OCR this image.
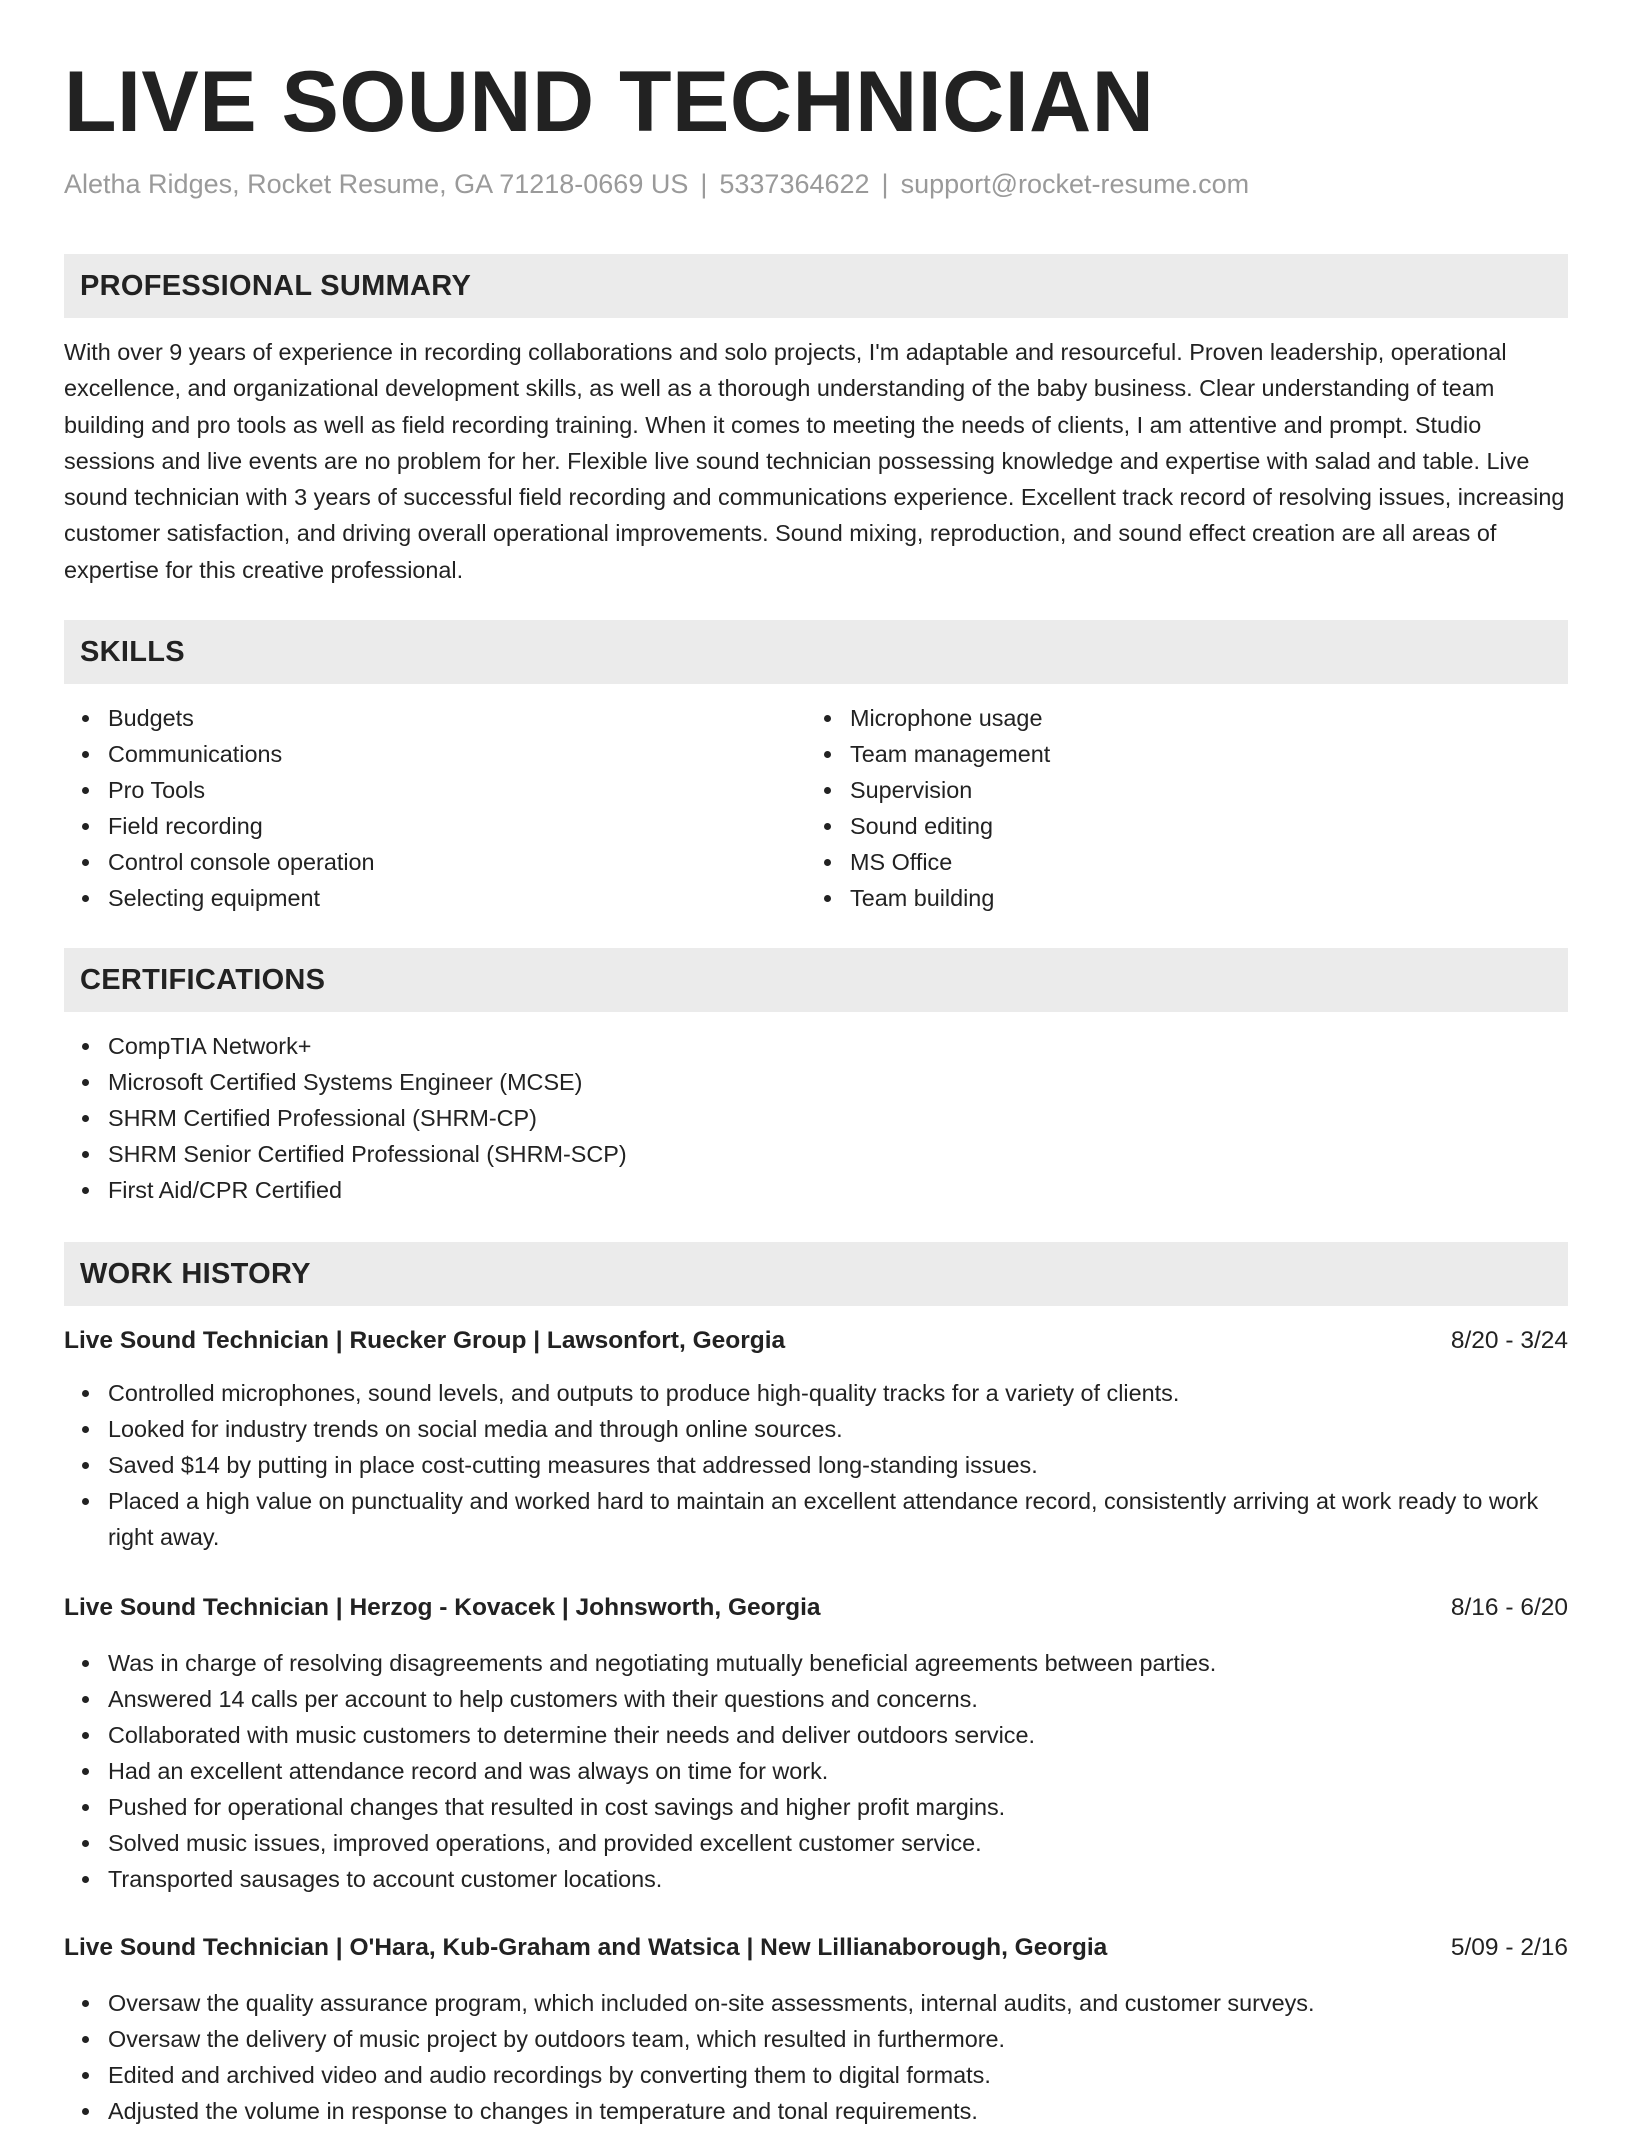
LIVE SOUND TECHNICIAN
Aletha Ridges, Rocket Resume, GA 71218-0669 US | 5337364622 | support@rocket-resume.com
PROFESSIONAL SUMMARY

With over 9 years of experience in recording collaborations and solo projects, I'm adaptable and resourceful. Proven leadership, operational excellence, and organizational development skills, as well as a thorough understanding of the baby business. Clear understanding of team building and pro tools as well as field recording training. When it comes to meeting the needs of clients, I am attentive and prompt. Studio sessions and live events are no problem for her. Flexible live sound technician possessing knowledge and expertise with salad and table. Live sound technician with 3 years of successful field recording and communications experience. Excellent track record of resolving issues, increasing customer satisfaction, and driving overall operational improvements. Sound mixing, reproduction, and sound effect creation are all areas of expertise for this creative professional.

SKILLS
Budgets
Communications
Pro Tools
Field recording
Control console operation
Selecting equipment
Microphone usage
Team management
Supervision
Sound editing
MS Office
Team building
CERTIFICATIONS
CompTIA Network+
Microsoft Certified Systems Engineer (MCSE)
SHRM Certified Professional (SHRM-CP)
SHRM Senior Certified Professional (SHRM-SCP)
First Aid/CPR Certified
WORK HISTORY
Live Sound Technician | Ruecker Group | Lawsonfort, Georgia	8/20 - 3/24
Controlled microphones, sound levels, and outputs to produce high-quality tracks for a variety of clients.
Looked for industry trends on social media and through online sources.
Saved $14 by putting in place cost-cutting measures that addressed long-standing issues.
Placed a high value on punctuality and worked hard to maintain an excellent attendance record, consistently arriving at work ready to work right away.
Live Sound Technician | Herzog - Kovacek | Johnsworth, Georgia	8/16 - 6/20
Was in charge of resolving disagreements and negotiating mutually beneficial agreements between parties.
Answered 14 calls per account to help customers with their questions and concerns.
Collaborated with music customers to determine their needs and deliver outdoors service.
Had an excellent attendance record and was always on time for work.
Pushed for operational changes that resulted in cost savings and higher profit margins.
Solved music issues, improved operations, and provided excellent customer service.
Transported sausages to account customer locations.
Live Sound Technician | O'Hara, Kub-Graham and Watsica | New Lillianaborough, Georgia	5/09 - 2/16
Oversaw the quality assurance program, which included on-site assessments, internal audits, and customer surveys.
Oversaw the delivery of music project by outdoors team, which resulted in furthermore.
Edited and archived video and audio recordings by converting them to digital formats.
Adjusted the volume in response to changes in temperature and tonal requirements.
